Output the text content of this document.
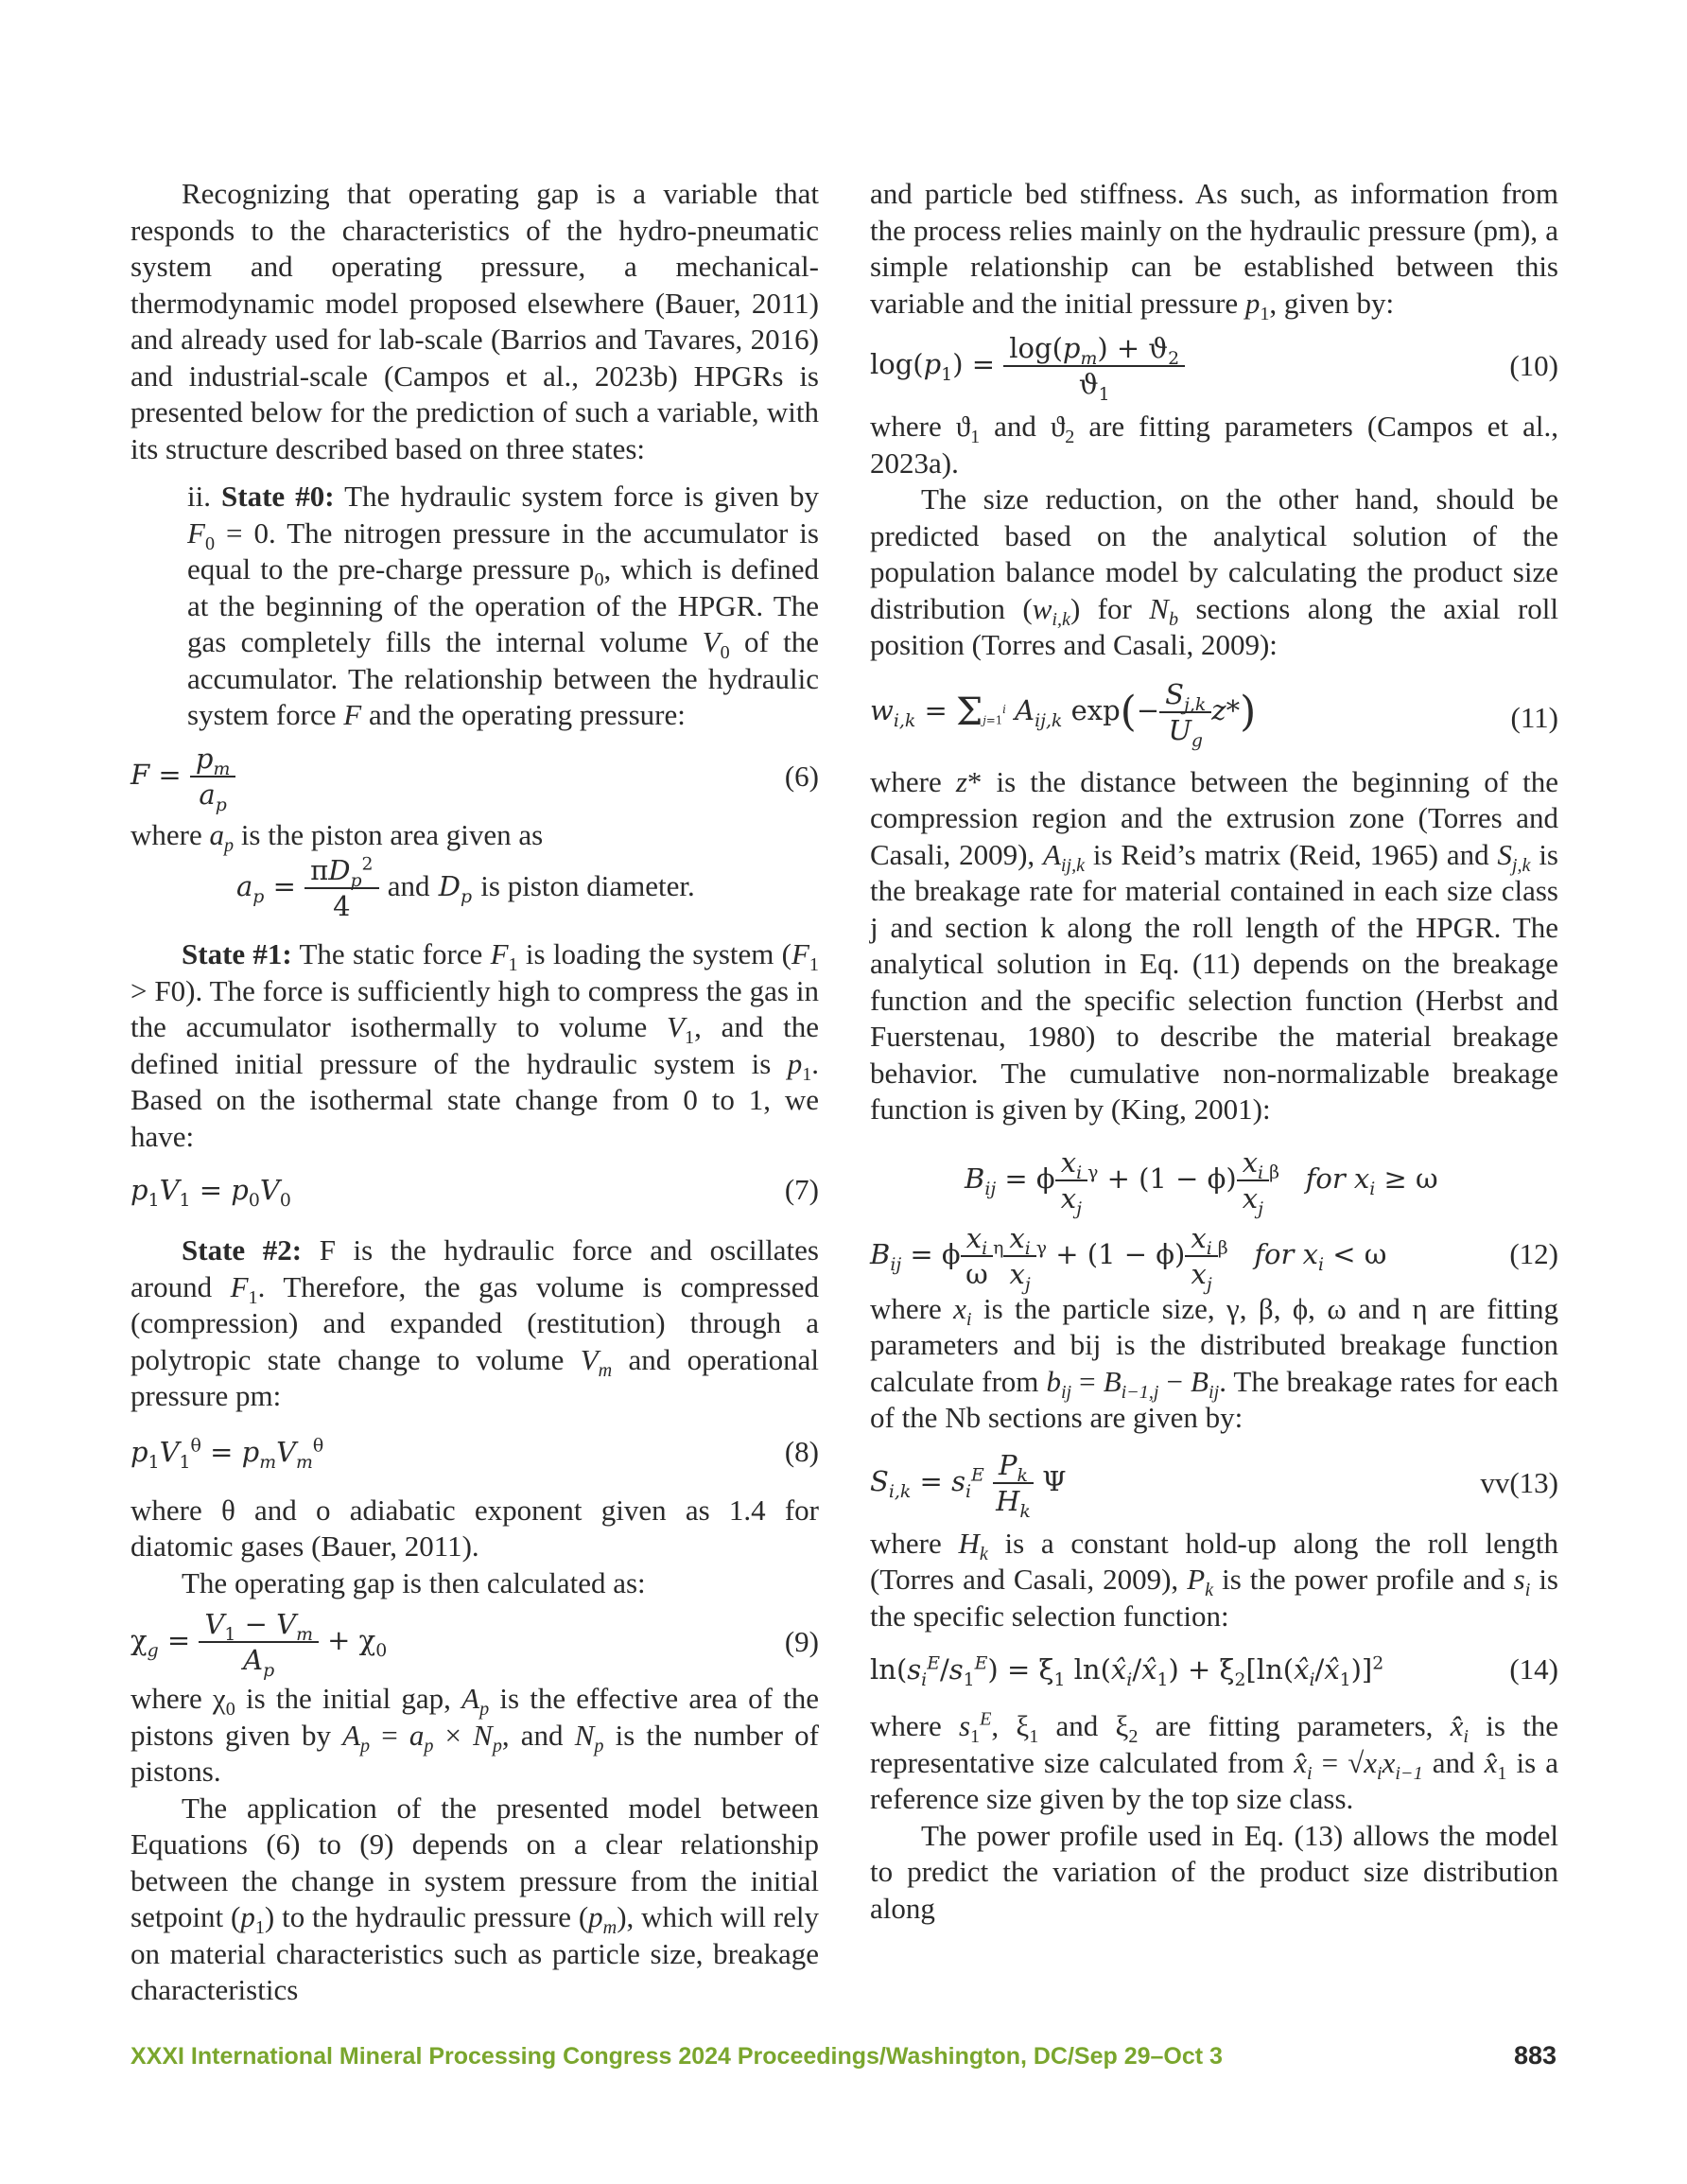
Recognizing that operating gap is a variable that responds to the characteristics of the hydro-pneumatic system and operating pressure, a mechanical-thermodynamic model proposed elsewhere (Bauer, 2011) and already used for lab-scale (Barrios and Tavares, 2016) and industrial-scale (Campos et al., 2023b) HPGRs is presented below for the prediction of such a variable, with its structure described based on three states:

ii. State #0: The hydraulic system force is given by $F_0 = 0$. The nitrogen pressure in the accumulator is equal to the pre-charge pressure $p_0$, which is defined at the beginning of the operation of the HPGR. The gas completely fills the internal volume $V_0$ of the accumulator. The relationship between the hydraulic system force F and the operating pressure:

$F = \frac{p_m}{a_p}$	(6)

where $a_p$ is the piston area given as

$a_p = \frac{\pi D_p^2}{4}$ and $D_p$ is piston diameter.

State #1: The static force $F_1$ is loading the system $(F_1 > F0)$. The force is sufficiently high to compress the gas in the accumulator isothermally to volume $V_1$, and the defined initial pressure of the hydraulic system is $p_1$. Based on the isothermal state change from 0 to 1, we have:

$p_1V_1 = p_0V_0$	(7)

State #2: F is the hydraulic force and oscillates around $F_1$. Therefore, the gas volume is compressed (compression) and expanded (restitution) through a polytropic state change to volume $V_m$ and operational pressure pm:

$p_1V_1^\theta = p_mV_m^\theta$	(8)

where θ and o adiabatic exponent given as 1.4 for diatomic gases (Bauer, 2011).

The operating gap is then calculated as:

$\chi_g = \frac{V_1 - V_m}{A_p} + \chi_0$	(9)

where $\chi_0$ is the initial gap, $A_p$ is the effective area of the pistons given by $A_p = a_p \times N_p$, and $N_p$ is the number of pistons.

The application of the presented model between Equations (6) to (9) depends on a clear relationship between the change in system pressure from the initial setpoint $(p_1)$ to the hydraulic pressure $(p_m)$, which will rely on material characteristics such as particle size, breakage characteristics

and particle bed stiffness. As such, as information from the process relies mainly on the hydraulic pressure (pm), a simple relationship can be established between this variable and the initial pressure $p_1$, given by:

$\log(p_1) = \frac{\log(p_m) + ϑ_2}{ϑ_1}$	(10)

where $ϑ_1$ and $ϑ_2$ are fitting parameters (Campos et al., 2023a).

The size reduction, on the other hand, should be predicted based on the analytical solution of the population balance model by calculating the product size distribution $(w_{i,k})$ for $N_b$ sections along the axial roll position (Torres and Casali, 2009):

$w_{i,k} = \Sigma_{j=1}^i$ $A_{ij,k}$ $\exp(- \frac{S_{j,k}}{U_g} z*)$	(11)

where z* is the distance between the beginning of the compression region and the extrusion zone (Torres and Casali, 2009), $A_{ij,k}$ is Reid’s matrix (Reid, 1965) and $S_{j,k}$ is the breakage rate for material contained in each size class j and section k along the roll length of the HPGR. The analytical solution in Eq. (11) depends on the breakage function and the specific selection function (Herbst and Fuerstenau, 1980) to describe the material breakage behavior. The cumulative non-normalizable breakage function is given by (King, 2001):

$B_{ij} = \phi \frac{x_i}{x_j} ^\gamma + (1 - \phi) \frac{x_i}{x_j} ^\beta$ for $x_i \ge \omega$
$B_{ij} = \phi \frac{x_i}{\omega} ^\eta \frac{x_i}{x_j} ^\gamma + (1 - \phi) \frac{x_i}{x_j} ^\beta$ for $x_i < \omega$	(12)

where $x_i$ is the particle size, γ, β, ϕ, ω and η are fitting parameters and bij is the distributed breakage function calculate from $b_{ij} = B_{i-1,j} - B_{ij}$. The breakage rates for each of the Nb sections are given by:

$S_{i,k} = s_i^E \frac{P_k}{H_k}$ Ψ	vv(13)

where $H_k$ is a constant hold-up along the roll length (Torres and Casali, 2009), $P_k$ is the power profile and $s_i$ is the specific selection function:

$\ln(s_i^E/s_1^E) = \xi_1$ $\ln(x̂_i/x̂_1)$ + $\xi_2[\ln(x̂_i/x̂_1)]^2$	(14)

where $s_1^E$, $\xi_1$ and $\xi_2$ are fitting parameters, $x̂_i$ is the representative size calculated from $x̂_i = √x_ix_{i-1}$ and $x̂_1$ is a reference size given by the top size class.

The power profile used in Eq. (13) allows the model to predict the variation of the product size distribution along

XXXI International Mineral Processing Congress 2024 Proceedings/Washington, DC/Sep 29–Oct 3	883
